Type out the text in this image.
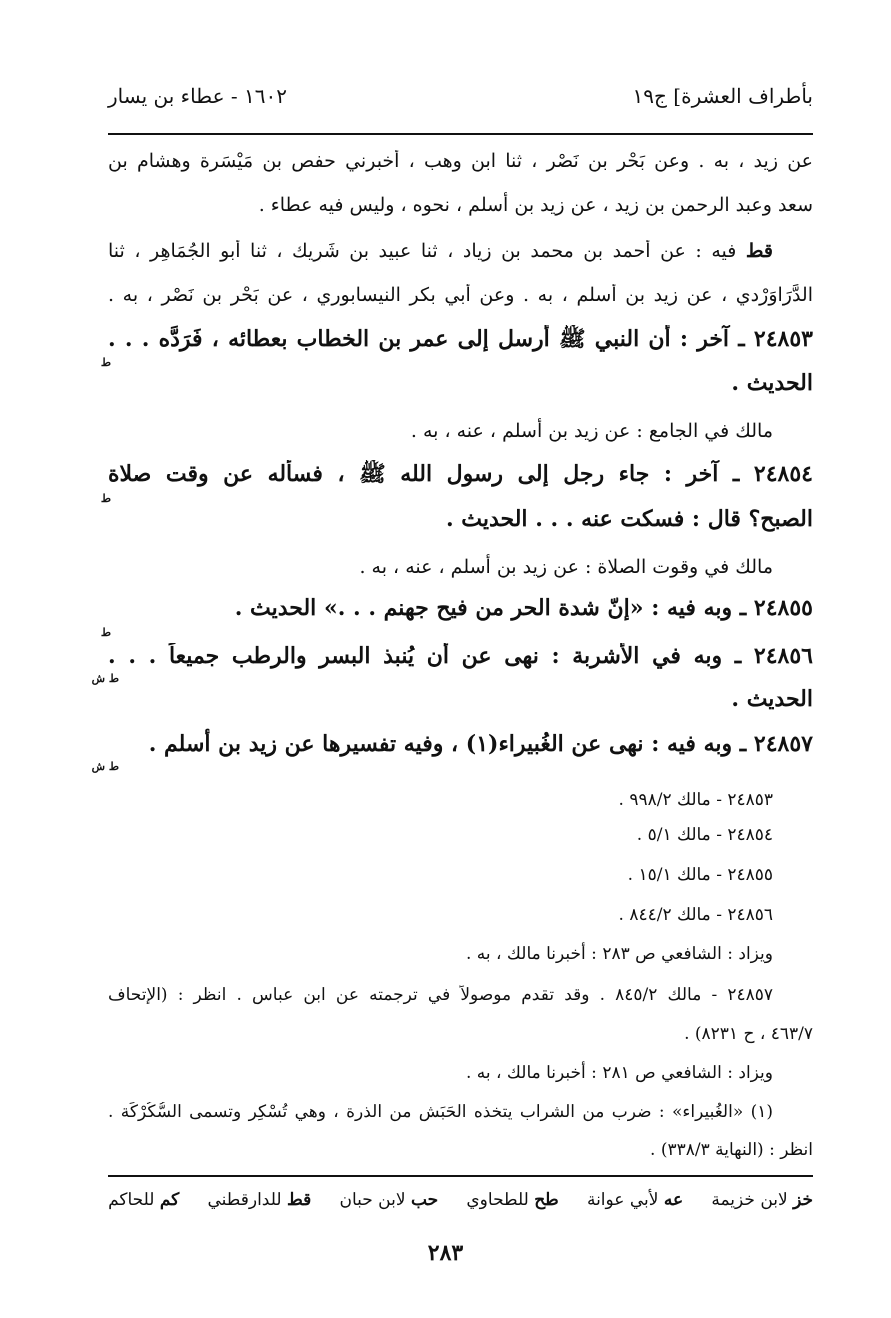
بأطراف العشرة] ج١٩
١٦٠٢ - عطاء بن يسار
عن زيد ، به . وعن بَحْر بن نَصْر ، ثنا ابن وهب ، أخبرني حفص بن مَيْسَرة وهشام بن
سعد وعبد الرحمن بن زيد ، عن زيد بن أسلم ، نحوه ، وليس فيه عطاء .
قط فيه : عن أحمد بن محمد بن زياد ، ثنا عبيد بن شَرِيك ، ثنا أبو الجُمَاهِر ، ثنا
الدَّرَاوَرْدي ، عن زيد بن أسلم ، به . وعن أبي بكر النيسابوري ، عن بَحْر بن نَصْر ، به .
٢٤٨٥٣ ـ آخر : أن النبي ﷺ أرسل إلى عمر بن الخطاب بعطائه ، فَرَدَّه . . .
ط
الحديث .
مالك في الجامع : عن زيد بن أسلم ، عنه ، به .
٢٤٨٥٤ ـ آخر : جاء رجل إلى رسول الله ﷺ ، فسأله عن وقت صلاة
ط
الصبح؟ قال : فسكت عنه . . . الحديث .
مالك في وقوت الصلاة : عن زيد بن أسلم ، عنه ، به .
٢٤٨٥٥ ـ وبه فيه : «إنّ شدة الحر من فيح جهنم . . .» الحديث .
ط
٢٤٨٥٦ ـ وبه في الأشربة : نهى عن أن يُنبذ البسر والرطب جميعاً . . .
ط ش
الحديث .
٢٤٨٥٧ ـ وبه فيه : نهى عن الغُبيراء(١) ، وفيه تفسيرها عن زيد بن أسلم .
ط ش
٢٤٨٥٣ - مالك ٩٩٨/٢ .
٢٤٨٥٤ - مالك ٥/١ .
٢٤٨٥٥ - مالك ١٥/١ .
٢٤٨٥٦ - مالك ٨٤٤/٢ .
ويزاد : الشافعي ص ٢٨٣ : أخبرنا مالك ، به .
٢٤٨٥٧ - مالك ٨٤٥/٢ . وقد تقدم موصولاً في ترجمته عن ابن عباس . انظر : (الإتحاف
٤٦٣/٧ ، ح ٨٢٣١) .
ويزاد : الشافعي ص ٢٨١ : أخبرنا مالك ، به .
(١) «الغُبيراء» : ضرب من الشراب يتخذه الحَبَش من الذرة ، وهي تُسْكِر وتسمى السُّكُرْكَة .
انظر : (النهاية ٣٣٨/٣) .
خز لابن خزيمة
عه لأبي عوانة
طح للطحاوي
حب لابن حبان
قط للدارقطني
كم للحاكم
٢٨٣
